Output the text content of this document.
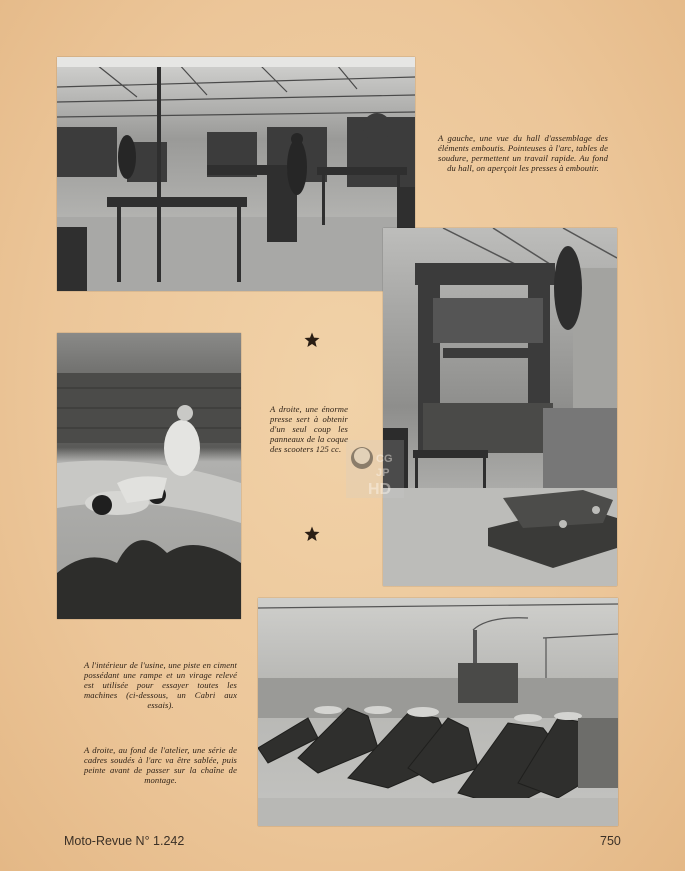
A gauche, une vue du hall d'assemblage des éléments emboutis. Pointeuses à l'arc, tables de soudure, permettent un travail rapide. Au fond du hall, on aperçoit les presses à emboutir.
A droite, une énorme presse sert à obtenir d'un seul coup les panneaux de la coque des scooters 125 cc.
CG
JP
HD
A l'intérieur de l'usine, une piste en ciment possédant une rampe et un virage relevé est utilisée pour essayer toutes les machines (ci-dessous, un Cabri aux essais).
A droite, au fond de l'atelier, une série de cadres soudés à l'arc va être sablée, puis peinte avant de passer sur la chaîne de montage.
Moto-Revue N° 1.242	750
